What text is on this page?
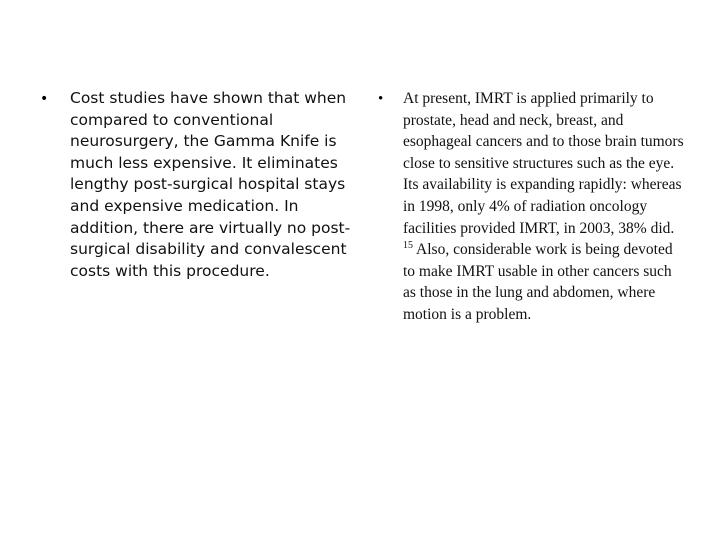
•	Cost studies have shown that when compared to conventional neurosurgery, the Gamma Knife is much less expensive. It eliminates lengthy post-surgical hospital stays and expensive medication. In addition, there are virtually no post-surgical disability and convalescent costs with this procedure.
•	At present, IMRT is applied primarily to prostate, head and neck, breast, and esophageal cancers and to those brain tumors close to sensitive structures such as the eye. Its availability is expanding rapidly: whereas in 1998, only 4% of radiation oncology facilities provided IMRT, in 2003, 38% did. $^{15}$ Also, considerable work is being devoted to make IMRT usable in other cancers such as those in the lung and abdomen, where motion is a problem.
